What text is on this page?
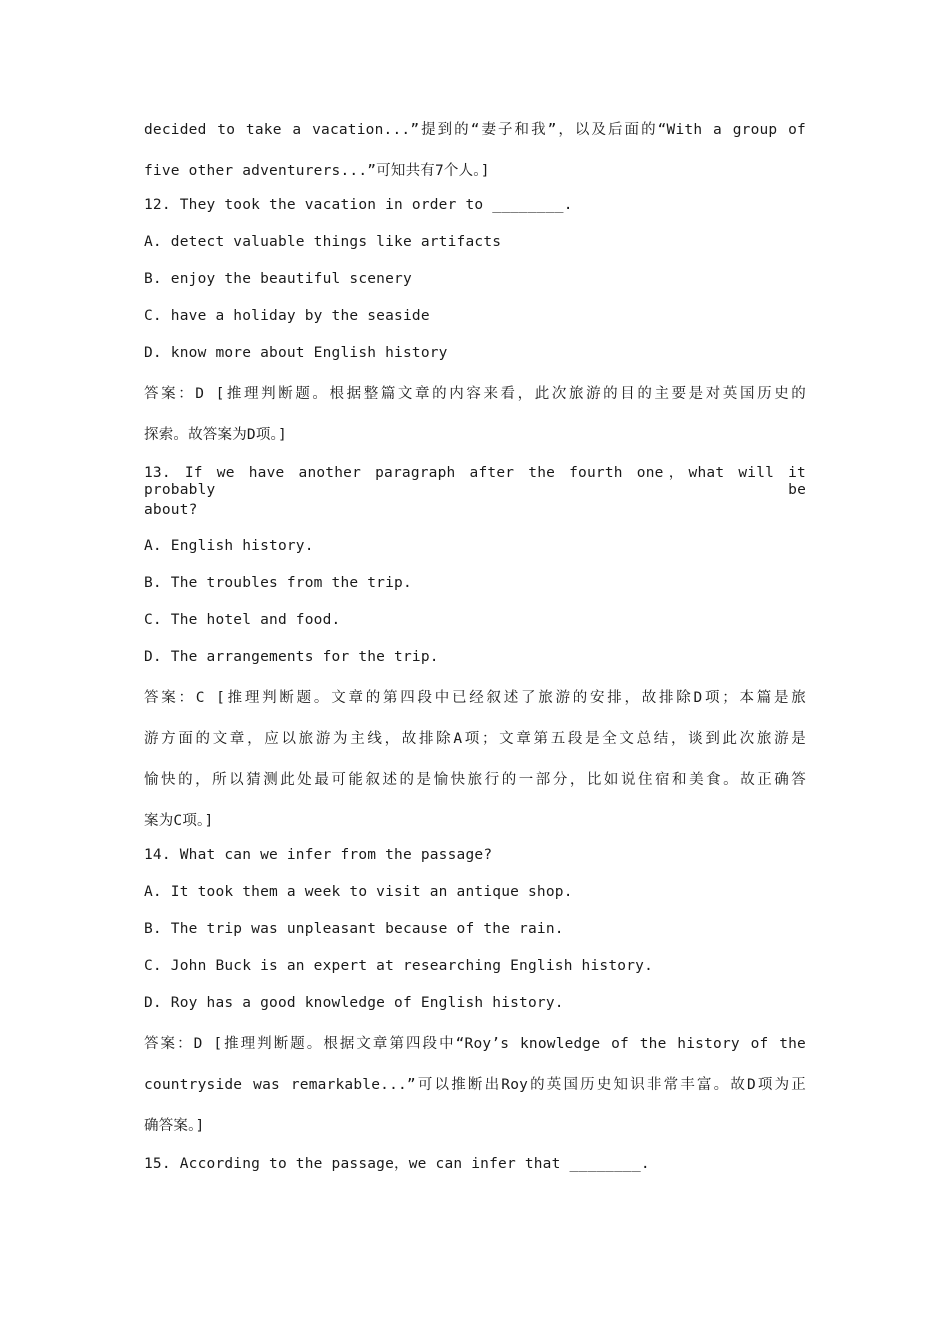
decided to take a vacation...”提到的“妻子和我”，以及后面的“With a group of
five other adventurers...”可知共有7个人。]
12. They took the vacation in order to ________.
A. detect valuable things like artifacts
B. enjoy the beautiful scenery
C. have a holiday by the seaside
D. know more about English history
答案：D [推理判断题。根据整篇文章的内容来看，此次旅游的目的主要是对英国历史的
探索。故答案为D项。]
13. If we have another paragraph after the fourth one，what will it probably be
about?
A. English history.
B. The troubles from the trip.
C. The hotel and food.
D. The arrangements for the trip.
答案：C [推理判断题。文章的第四段中已经叙述了旅游的安排，故排除D项；本篇是旅
游方面的文章，应以旅游为主线，故排除A项；文章第五段是全文总结，谈到此次旅游是
愉快的，所以猜测此处最可能叙述的是愉快旅行的一部分，比如说住宿和美食。故正确答
案为C项。]
14. What can we infer from the passage?
A. It took them a week to visit an antique shop.
B. The trip was unpleasant because of the rain.
C. John Buck is an expert at researching English history.
D. Roy has a good knowledge of English history.
答案：D [推理判断题。根据文章第四段中“Roy’s knowledge of the history of the
countryside was remarkable...”可以推断出Roy的英国历史知识非常丰富。故D项为正
确答案。]
15. According to the passage，we can infer that ________.
